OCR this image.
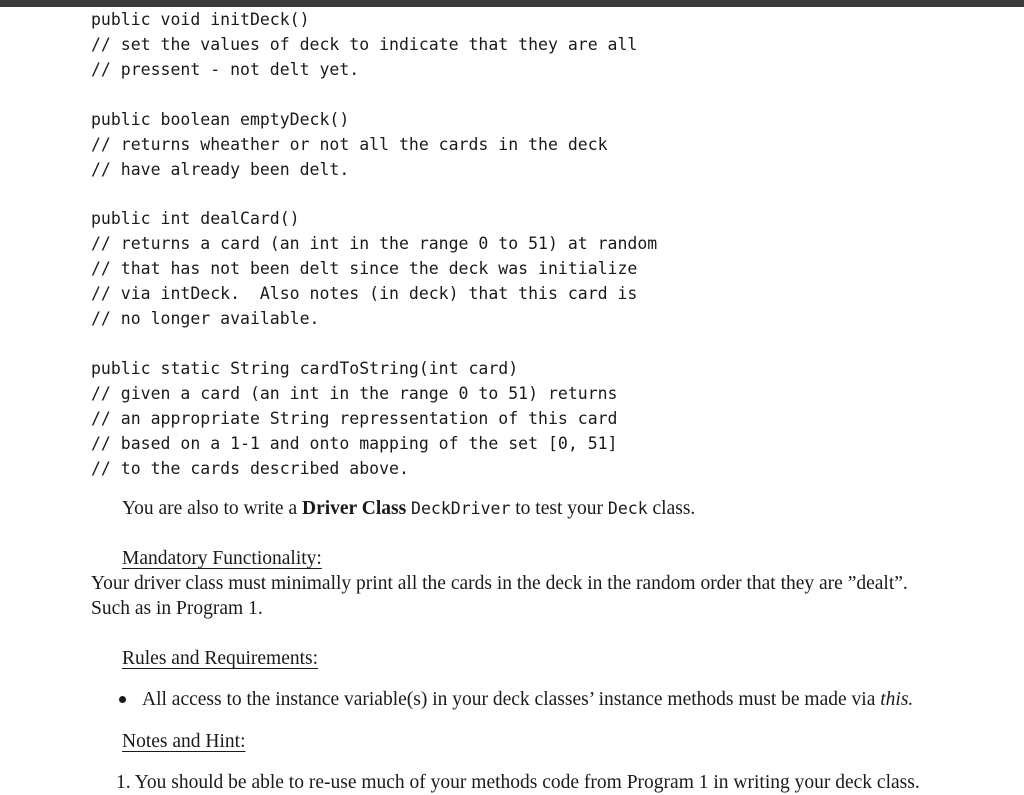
public void initDeck()
// set the values of deck to indicate that they are all
// pressent - not delt yet.
public boolean emptyDeck()
// returns wheather or not all the cards in the deck
// have already been delt.
public int dealCard()
// returns a card (an int in the range 0 to 51) at random
// that has not been delt since the deck was initialize
// via intDeck.  Also notes (in deck) that this card is
// no longer available.
public static String cardToString(int card)
// given a card (an int in the range 0 to 51) returns
// an appropriate String repressentation of this card
// based on a 1-1 and onto mapping of the set [0, 51]
// to the cards described above.
You are also to write a Driver Class DeckDriver to test your Deck class.
Mandatory Functionality:
Your driver class must minimally print all the cards in the deck in the random order that they are ”dealt”.
Such as in Program 1.
Rules and Requirements:
All access to the instance variable(s) in your deck classes’ instance methods must be made via this.
Notes and Hint:
1. You should be able to re-use much of your methods code from Program 1 in writing your deck class.
